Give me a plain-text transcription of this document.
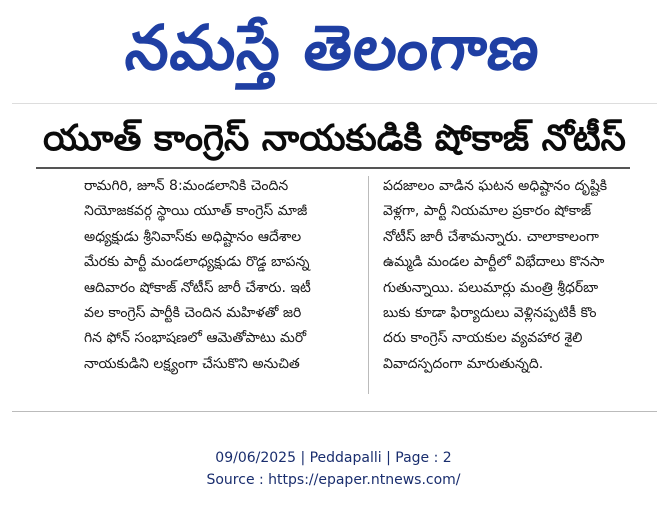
నమస్తే తెలంగాణ
యూత్ కాంగ్రెస్ నాయకుడికి షోకాజ్ నోటీస్
రామగిరి, జూన్ 8:మండలానికి చెందిన
నియోజకవర్గ స్థాయి యూత్ కాంగ్రెస్ మాజీ
అధ్యక్షుడు శ్రీనివాస్‌కు అధిష్టానం ఆదేశాల
మేరకు పార్టీ మండలాధ్యక్షుడు రొడ్డ బాపన్న
ఆదివారం షోకాజ్ నోటీస్ జారీ చేశారు. ఇటీ
వల కాంగ్రెస్ పార్టీకి చెందిన మహిళతో జరి
గిన ఫోన్ సంభాషణలో ఆమెతోపాటు మరో
నాయకుడిని లక్ష్యంగా చేసుకొని అనుచిత
పదజాలం వాడిన ఘటన అధిష్టానం దృష్టికి
వెళ్లగా, పార్టీ నియమాల ప్రకారం షోకాజ్
నోటీస్ జారీ చేశామన్నారు. చాలాకాలంగా
ఉమ్మడి మండల పార్టీలో విభేదాలు కొనసా
గుతున్నాయి. పలుమార్లు మంత్రి శ్రీధర్‌బా
బుకు కూడా ఫిర్యాదులు వెళ్లినప్పటికీ కొం
దరు కాంగ్రెస్ నాయకుల వ్యవహార శైలి
వివాదస్పదంగా మారుతున్నది.
09/06/2025 | Peddapalli | Page : 2
Source : https://epaper.ntnews.com/
